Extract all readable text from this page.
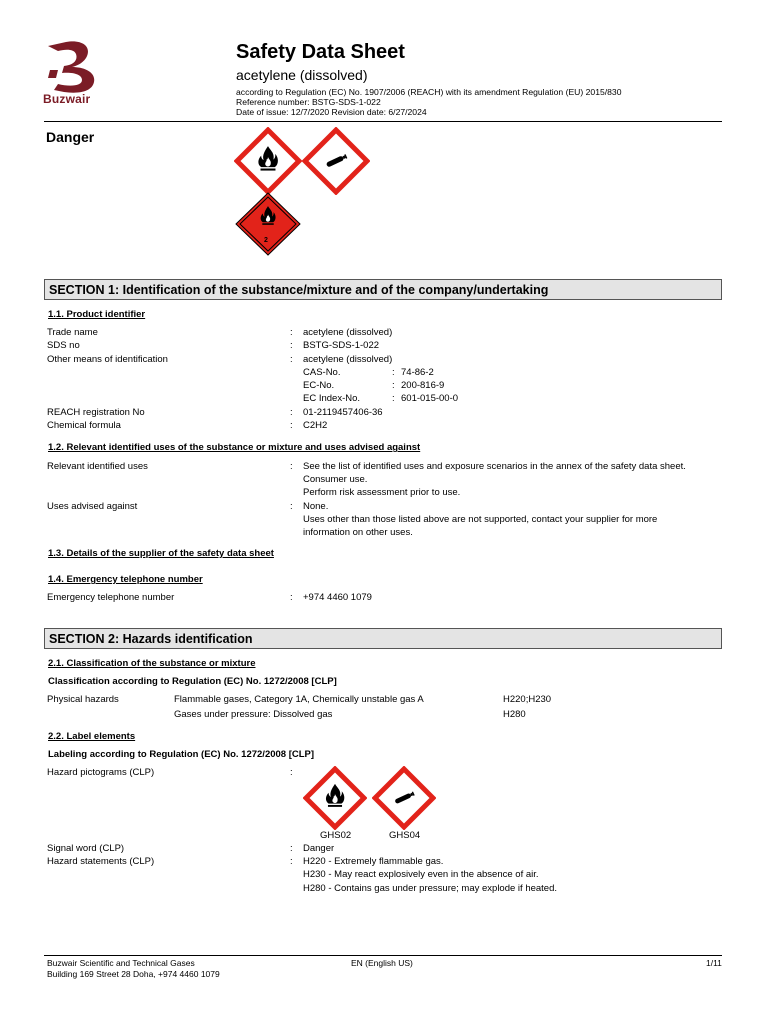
Buzwair
Safety Data Sheet
acetylene (dissolved)
according to Regulation (EC) No. 1907/2006 (REACH) with its amendment Regulation (EU) 2015/830
Reference number: BSTG-SDS-1-022
Date of issue: 12/7/2020 Revision date: 6/27/2024
Danger
2
SECTION 1: Identification of the substance/mixture and of the company/undertaking
1.1. Product identifier
Trade name	: acetylene (dissolved)
SDS no	: BSTG-SDS-1-022
Other means of identification	: acetylene (dissolved)
CAS-No.	: 74-86-2
EC-No.	: 200-816-9
EC Index-No.	: 601-015-00-0
REACH registration No	: 01-2119457406-36
Chemical formula	: C2H2
1.2. Relevant identified uses of the substance or mixture and uses advised against
Relevant identified uses	: See the list of identified uses and exposure scenarios in the annex of the safety data sheet.
Consumer use.
Perform risk assessment prior to use.
Uses advised against	: None.
Uses other than those listed above are not supported, contact your supplier for more
information on other uses.
1.3. Details of the supplier of the safety data sheet
1.4. Emergency telephone number
Emergency telephone number	: +974 4460 1079
SECTION 2: Hazards identification
2.1. Classification of the substance or mixture
Classification according to Regulation (EC) No. 1272/2008 [CLP]
Physical hazards	Flammable gases, Category 1A, Chemically unstable gas A	H220;H230
Gases under pressure: Dissolved gas	H280
2.2. Label elements
Labeling according to Regulation (EC) No. 1272/2008 [CLP]
Hazard pictograms (CLP)	:
GHS02	GHS04
Signal word (CLP)	: Danger
Hazard statements (CLP)	: H220 - Extremely flammable gas.
H230 - May react explosively even in the absence of air.
H280 - Contains gas under pressure; may explode if heated.
Buzwair Scientific and Technical Gases
Building 169 Street 28 Doha, +974 4460 1079
EN (English US)	1/11
